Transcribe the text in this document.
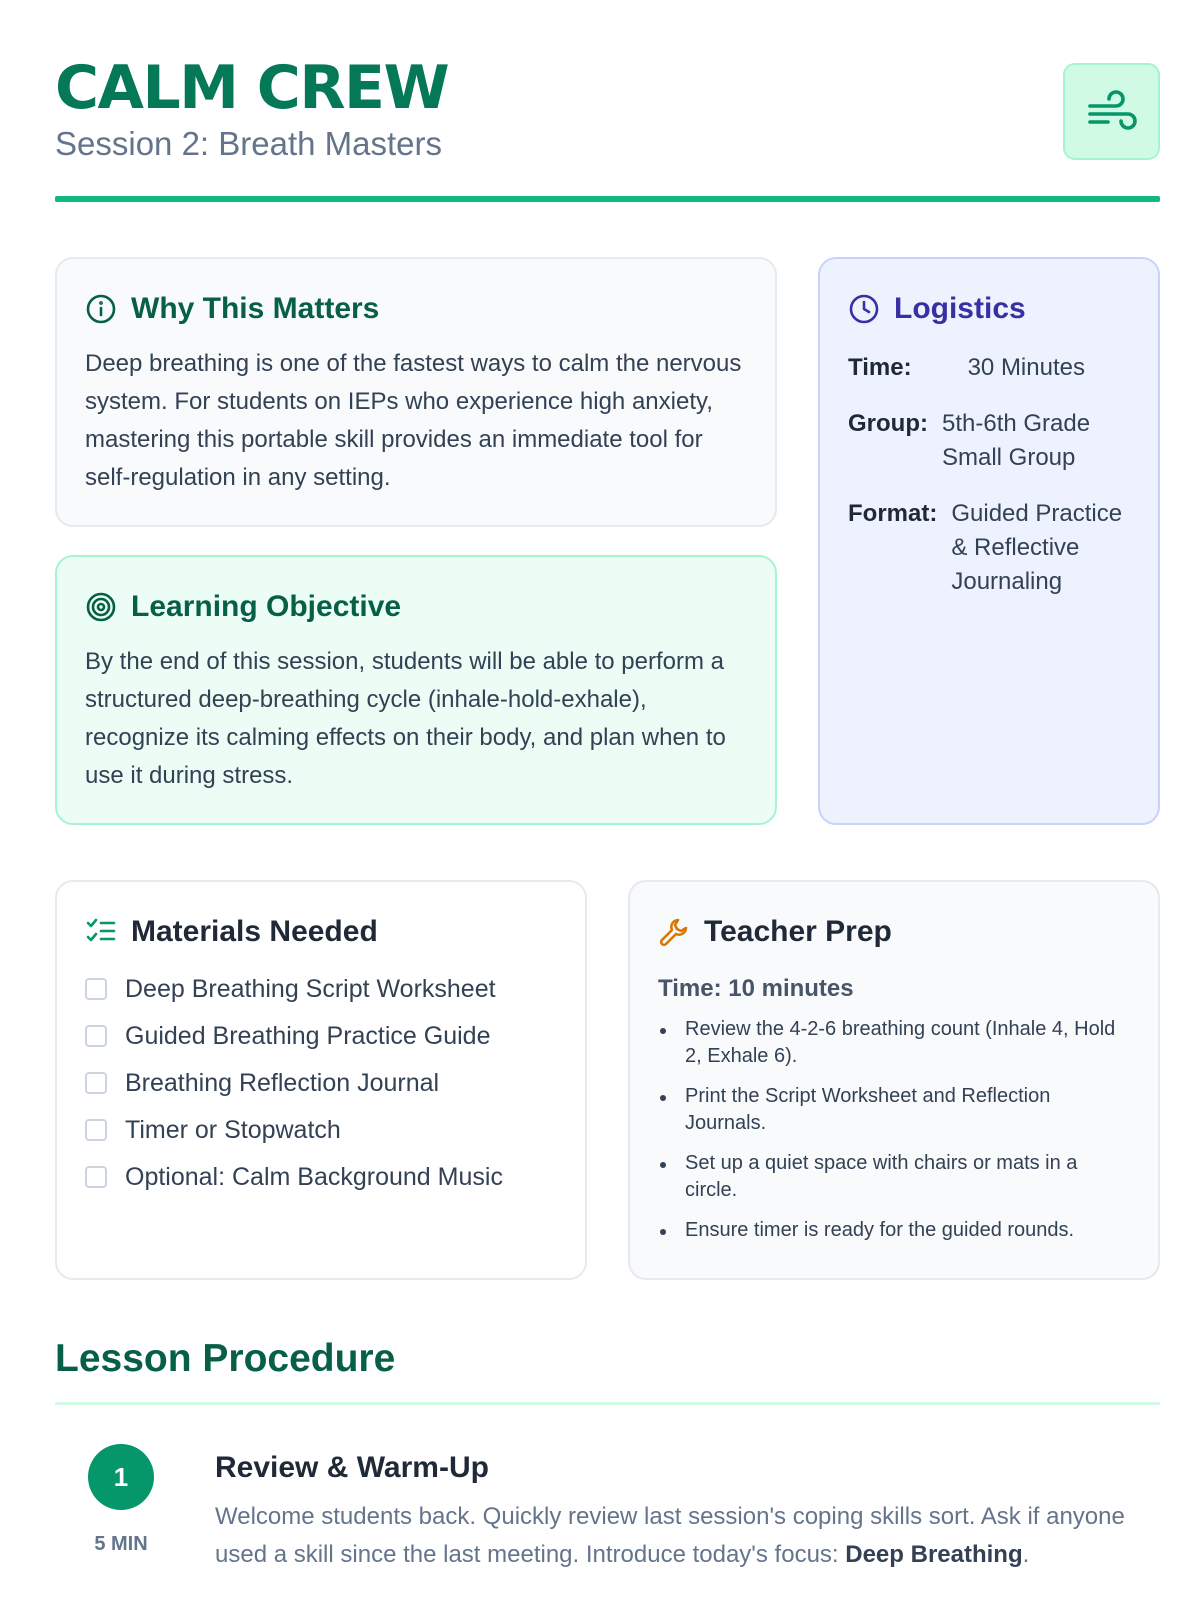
CALM CREW
Session 2: Breath Masters
Why This Matters

Deep breathing is one of the fastest ways to calm the nervous system. For students on IEPs who experience high anxiety, mastering this portable skill provides an immediate tool for self-regulation in any setting.

Learning Objective

By the end of this session, students will be able to perform a structured deep-breathing cycle (inhale-hold-exhale), recognize its calming effects on their body, and plan when to use it during stress.

Logistics
Time: 30 Minutes
Group: 5th-6th Grade Small Group
Format: Guided Practice & Reflective Journaling
Materials Needed
Deep Breathing Script Worksheet
Guided Breathing Practice Guide
Breathing Reflection Journal
Timer or Stopwatch
Optional: Calm Background Music
Teacher Prep
Time: 10 minutes
Review the 4-2-6 breathing count (Inhale 4, Hold 2, Exhale 6).
Print the Script Worksheet and Reflection Journals.
Set up a quiet space with chairs or mats in a circle.
Ensure timer is ready for the guided rounds.
Lesson Procedure
1
5 MIN
Review & Warm-Up
Welcome students back. Quickly review last session's coping skills sort. Ask if anyone used a skill since the last meeting. Introduce today's focus: Deep Breathing.
